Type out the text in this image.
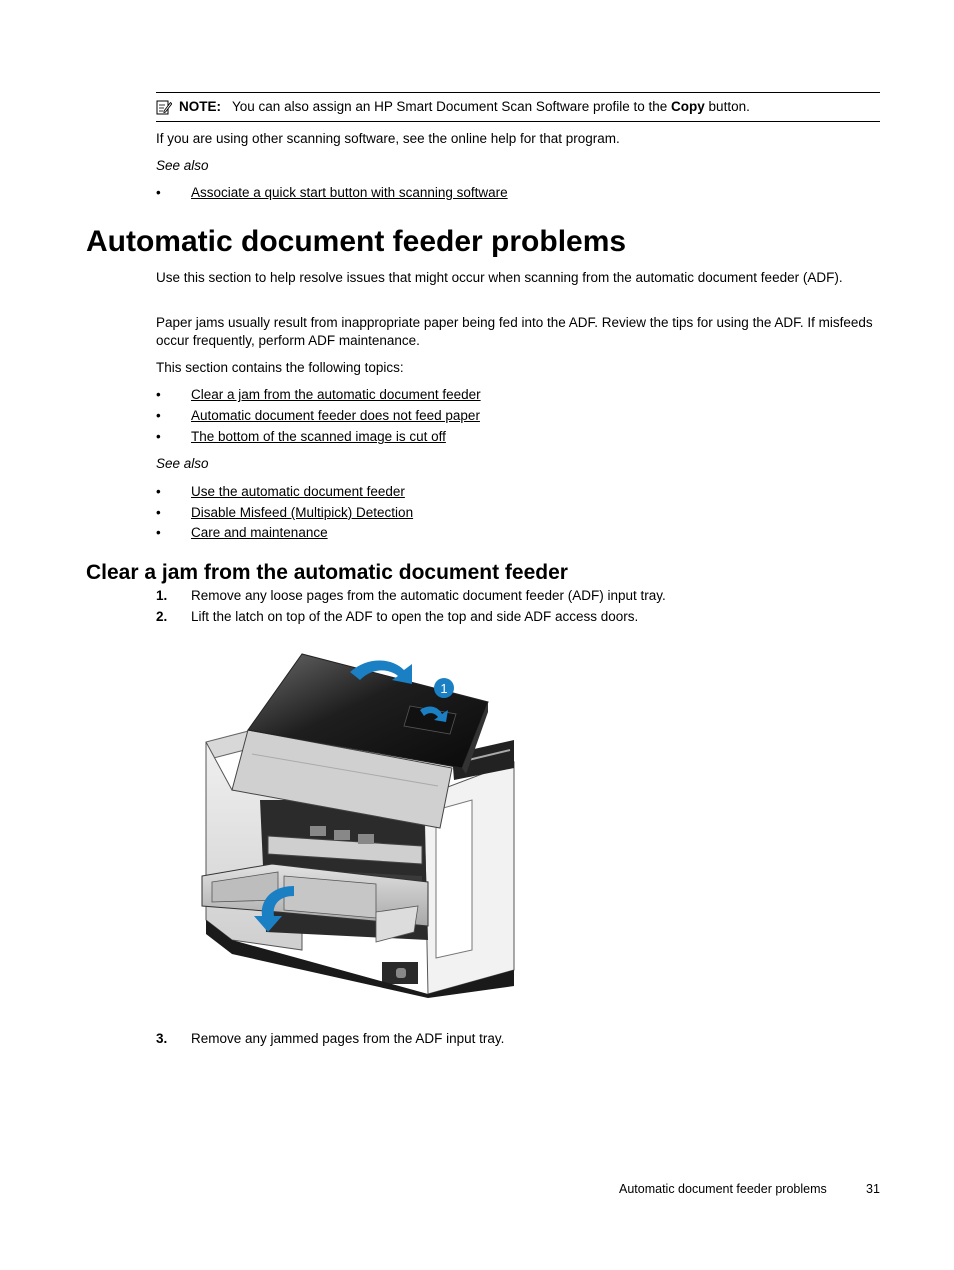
NOTE: You can also assign an HP Smart Document Scan Software profile to the Copy button.

If you are using other scanning software, see the online help for that program.

See also

• Associate a quick start button with scanning software
Automatic document feeder problems

Use this section to help resolve issues that might occur when scanning from the automatic document feeder (ADF).

Paper jams usually result from inappropriate paper being fed into the ADF. Review the tips for using the ADF. If misfeeds occur frequently, perform ADF maintenance.

This section contains the following topics:

• Clear a jam from the automatic document feeder
• Automatic document feeder does not feed paper
• The bottom of the scanned image is cut off

See also

• Use the automatic document feeder
• Disable Misfeed (Multipick) Detection
• Care and maintenance
Clear a jam from the automatic document feeder
1. Remove any loose pages from the automatic document feeder (ADF) input tray.
2. Lift the latch on top of the ADF to open the top and side ADF access doors.
1
3. Remove any jammed pages from the ADF input tray.
Automatic document feeder problems	31
